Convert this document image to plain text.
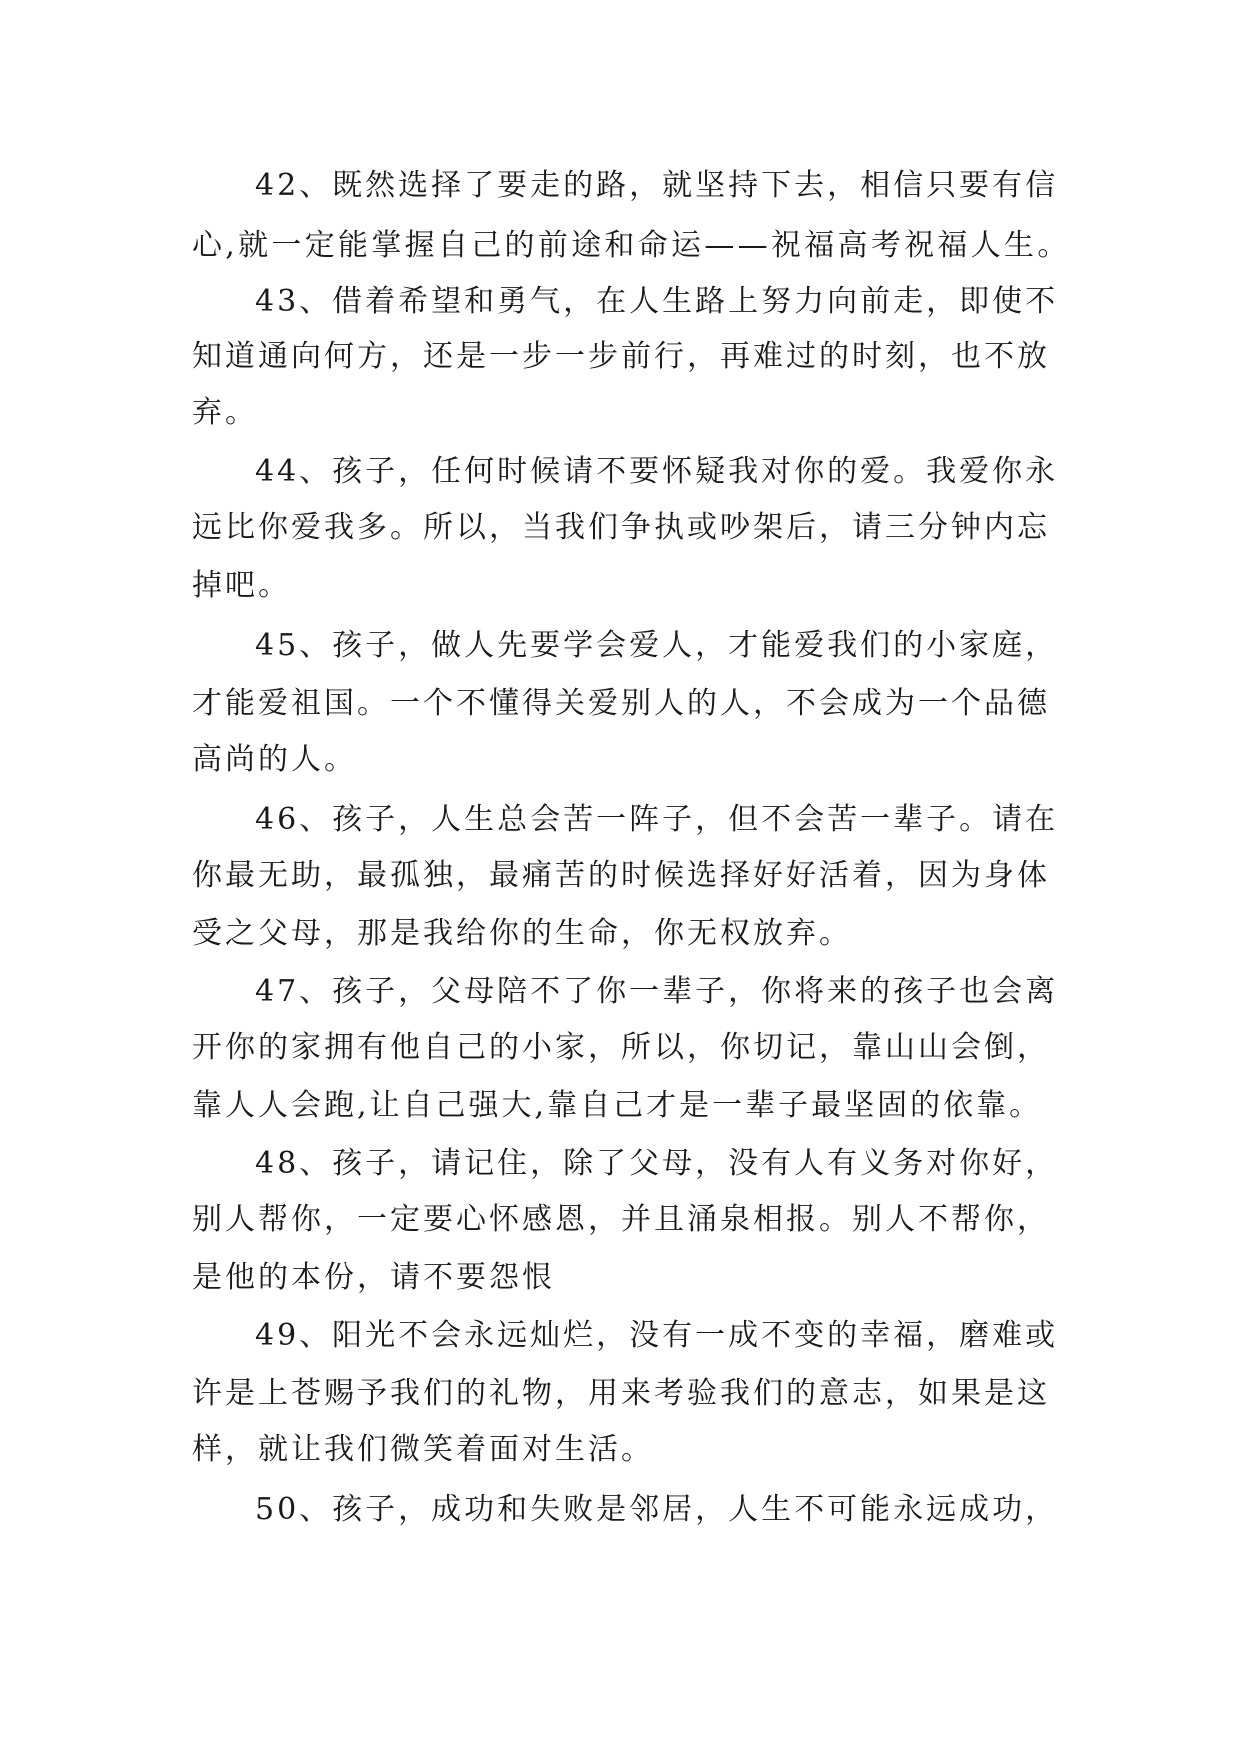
42、既然选择了要走的路，就坚持下去，相信只要有信
心,就一定能掌握自己的前途和命运——祝福高考祝福人生。
43、借着希望和勇气，在人生路上努力向前走，即使不
知道通向何方，还是一步一步前行，再难过的时刻，也不放
弃。
44、孩子，任何时候请不要怀疑我对你的爱。我爱你永
远比你爱我多。所以，当我们争执或吵架后，请三分钟内忘
掉吧。
45、孩子，做人先要学会爱人，才能爱我们的小家庭，
才能爱祖国。一个不懂得关爱别人的人，不会成为一个品德
高尚的人。
46、孩子，人生总会苦一阵子，但不会苦一辈子。请在
你最无助，最孤独，最痛苦的时候选择好好活着，因为身体
受之父母，那是我给你的生命，你无权放弃。
47、孩子，父母陪不了你一辈子，你将来的孩子也会离
开你的家拥有他自己的小家，所以，你切记，靠山山会倒，
靠人人会跑,让自己强大,靠自己才是一辈子最坚固的依靠。
48、孩子，请记住，除了父母，没有人有义务对你好，
别人帮你，一定要心怀感恩，并且涌泉相报。别人不帮你，
是他的本份，请不要怨恨
49、阳光不会永远灿烂，没有一成不变的幸福，磨难或
许是上苍赐予我们的礼物，用来考验我们的意志，如果是这
样，就让我们微笑着面对生活。
50、孩子，成功和失败是邻居，人生不可能永远成功，
